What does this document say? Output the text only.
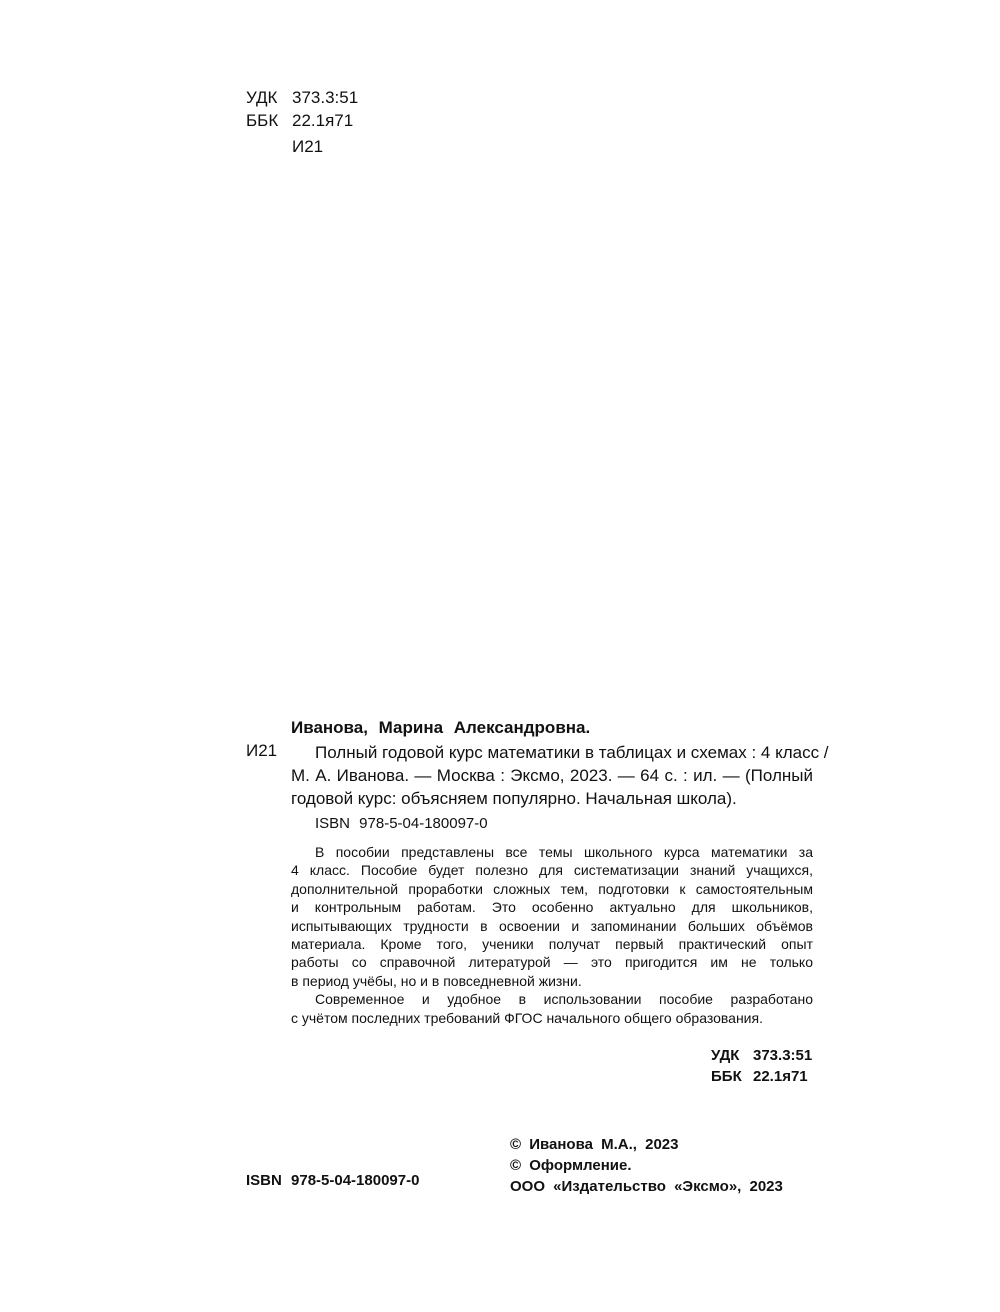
УДК 373.3:51
ББК 22.1я71
И21
Иванова, Марина Александровна.
И21	Полный годовой курс математики в таблицах и схемах : 4 класс /
М. А. Иванова. — Москва : Эксмо, 2023. — 64 с. : ил. — (Полный
годовой курс: объясняем популярно. Начальная школа).
ISBN 978-5-04-180097-0
В пособии представлены все темы школьного курса математики за
4 класс. Пособие будет полезно для систематизации знаний учащихся,
дополнительной проработки сложных тем, подготовки к самостоятельным
и контрольным работам. Это особенно актуально для школьников,
испытывающих трудности в освоении и запоминании больших объёмов
материала. Кроме того, ученики получат первый практический опыт
работы со справочной литературой — это пригодится им не только
в период учёбы, но и в повседневной жизни.
Современное и удобное в использовании пособие разработано
с учётом последних требований ФГОС начального общего образования.
УДК 373.3:51
ББК 22.1я71
© Иванова М.А., 2023
© Оформление.
ООО «Издательство «Эксмо», 2023
ISBN 978-5-04-180097-0
